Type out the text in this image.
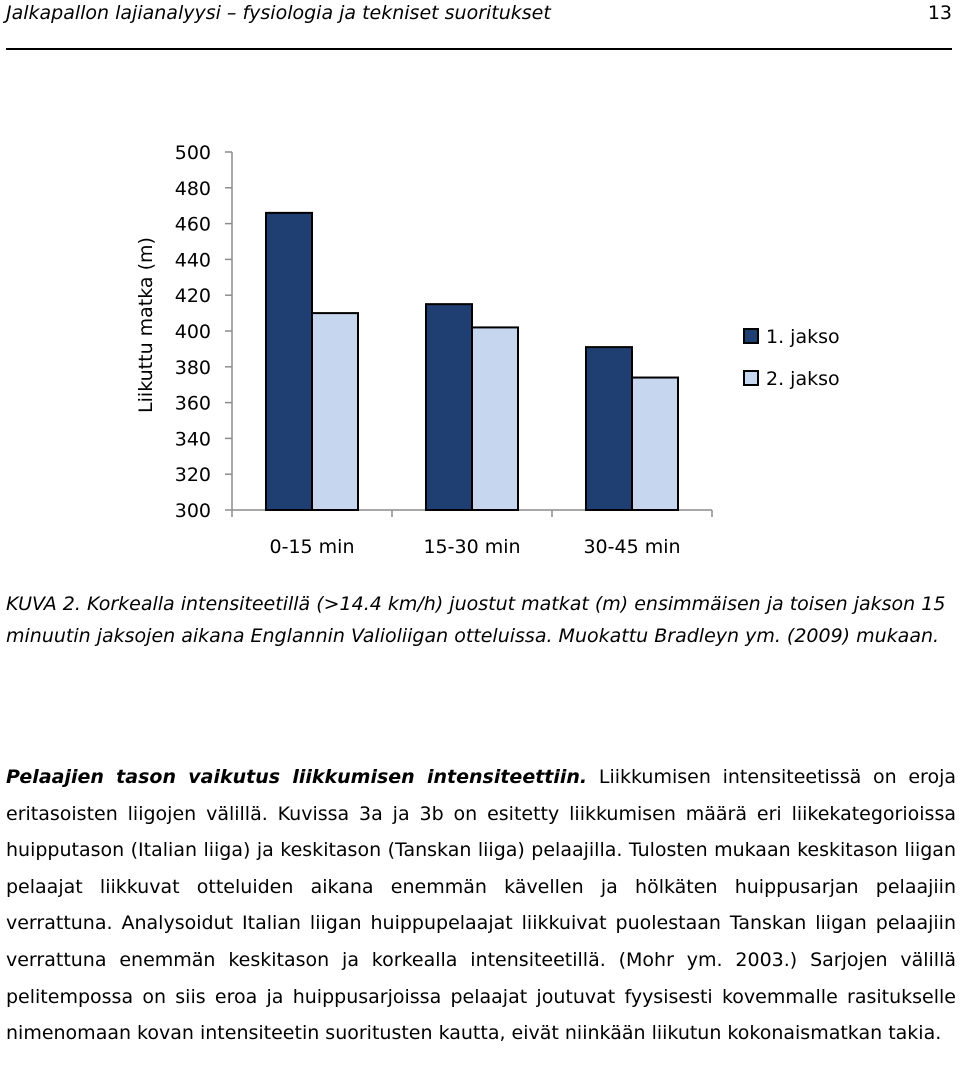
Jalkapallon lajianalyysi – fysiologia ja tekniset suoritukset	13
500
480
460
440
420
400
380
360
340
320
300
0-15 min	15-30 min	30-45 min
Liikuttu matka (m)	1. jakso
2. jakso

KUVA 2. Korkealla intensiteetillä (>14.4 km/h) juostut matkat (m) ensimmäisen ja toisen jakson 15 minuutin jaksojen aikana Englannin Valioliigan otteluissa. Muokattu Bradleyn ym. (2009) mukaan.

Pelaajien tason vaikutus liikkumisen intensiteettiin. Liikkumisen intensiteetissä on eroja eritasoisten liigojen välillä. Kuvissa 3a ja 3b on esitetty liikkumisen määrä eri liikekategorioissa huipputason (Italian liiga) ja keskitason (Tanskan liiga) pelaajilla. Tulosten mukaan keskitason liigan pelaajat liikkuvat otteluiden aikana enemmän kävellen ja hölkäten huippusarjan pelaajiin verrattuna. Analysoidut Italian liigan huippupelaajat liikkuivat puolestaan Tanskan liigan pelaajiin verrattuna enemmän keskitason ja korkealla intensiteetillä. (Mohr ym. 2003.) Sarjojen välillä pelitempossa on siis eroa ja huippusarjoissa pelaajat joutuvat fyysisesti kovemmalle rasitukselle nimenomaan kovan intensiteetin suoritusten kautta, eivät niinkään liikutun kokonaismatkan takia.
